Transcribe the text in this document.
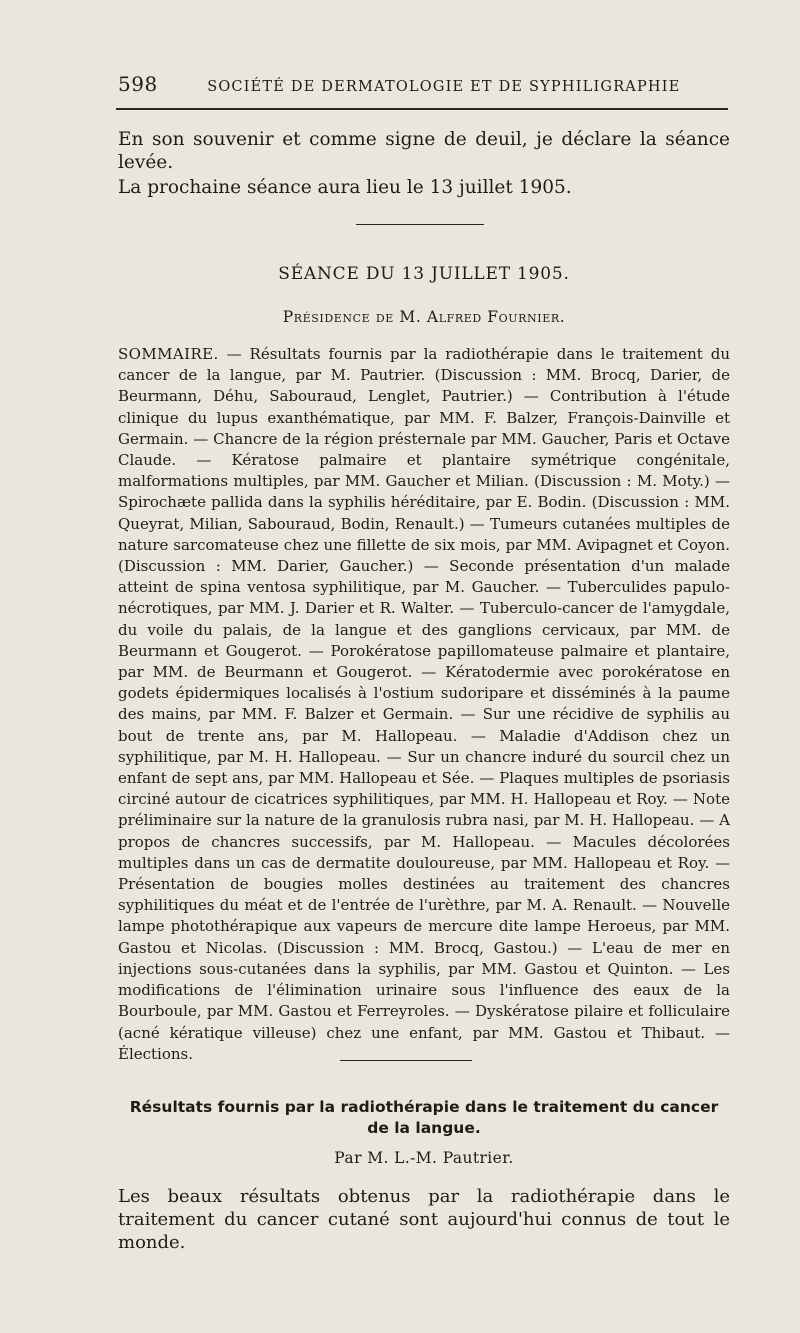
598	SOCIÉTÉ DE DERMATOLOGIE ET DE SYPHILIGRAPHIE

En son souvenir et comme signe de deuil, je déclare la séance levée.

La prochaine séance aura lieu le 13 juillet 1905.

SÉANCE DU 13 JUILLET 1905.
Présidence de M. Alfred Fournier.

SOMMAIRE. — Résultats fournis par la radiothérapie dans le traitement du cancer de la langue, par M. Pautrier. (Discussion : MM. Brocq, Darier, de Beurmann, Déhu, Sabouraud, Lenglet, Pautrier.) — Contribution à l'étude clinique du lupus exanthématique, par MM. F. Balzer, François-Dainville et Germain. — Chancre de la région présternale par MM. Gaucher, Paris et Octave Claude. — Kératose palmaire et plantaire symétrique congénitale, malformations multiples, par MM. Gaucher et Milian. (Discussion : M. Moty.) — Spirochæte pallida dans la syphilis héréditaire, par E. Bodin. (Discussion : MM. Queyrat, Milian, Sabouraud, Bodin, Renault.) — Tumeurs cutanées multiples de nature sarcomateuse chez une fillette de six mois, par MM. Avipagnet et Coyon. (Discussion : MM. Darier, Gaucher.) — Seconde présentation d'un malade atteint de spina ventosa syphilitique, par M. Gaucher. — Tuberculides papulo-nécrotiques, par MM. J. Darier et R. Walter. — Tuberculo-cancer de l'amygdale, du voile du palais, de la langue et des ganglions cervicaux, par MM. de Beurmann et Gougerot. — Porokératose papillomateuse palmaire et plantaire, par MM. de Beurmann et Gougerot. — Kératodermie avec porokératose en godets épidermiques localisés à l'ostium sudoripare et disséminés à la paume des mains, par MM. F. Balzer et Germain. — Sur une récidive de syphilis au bout de trente ans, par M. Hallopeau. — Maladie d'Addison chez un syphilitique, par M. H. Hallopeau. — Sur un chancre induré du sourcil chez un enfant de sept ans, par MM. Hallopeau et Sée. — Plaques multiples de psoriasis circiné autour de cicatrices syphilitiques, par MM. H. Hallopeau et Roy. — Note préliminaire sur la nature de la granulosis rubra nasi, par M. H. Hallopeau. — A propos de chancres successifs, par M. Hallopeau. — Macules décolorées multiples dans un cas de dermatite douloureuse, par MM. Hallopeau et Roy. — Présentation de bougies molles destinées au traitement des chancres syphilitiques du méat et de l'entrée de l'urèthre, par M. A. Renault. — Nouvelle lampe photothérapique aux vapeurs de mercure dite lampe Heroeus, par MM. Gastou et Nicolas. (Discussion : MM. Brocq, Gastou.) — L'eau de mer en injections sous-cutanées dans la syphilis, par MM. Gastou et Quinton. — Les modifications de l'élimination urinaire sous l'influence des eaux de la Bourboule, par MM. Gastou et Ferreyroles. — Dyskératose pilaire et folliculaire (acné kératique villeuse) chez une enfant, par MM. Gastou et Thibaut. — Élections.

Résultats fournis par la radiothérapie dans le traitement du cancer de la langue.
Par M. L.-M. Pautrier.

Les beaux résultats obtenus par la radiothérapie dans le traitement du cancer cutané sont aujourd'hui connus de tout le monde.
